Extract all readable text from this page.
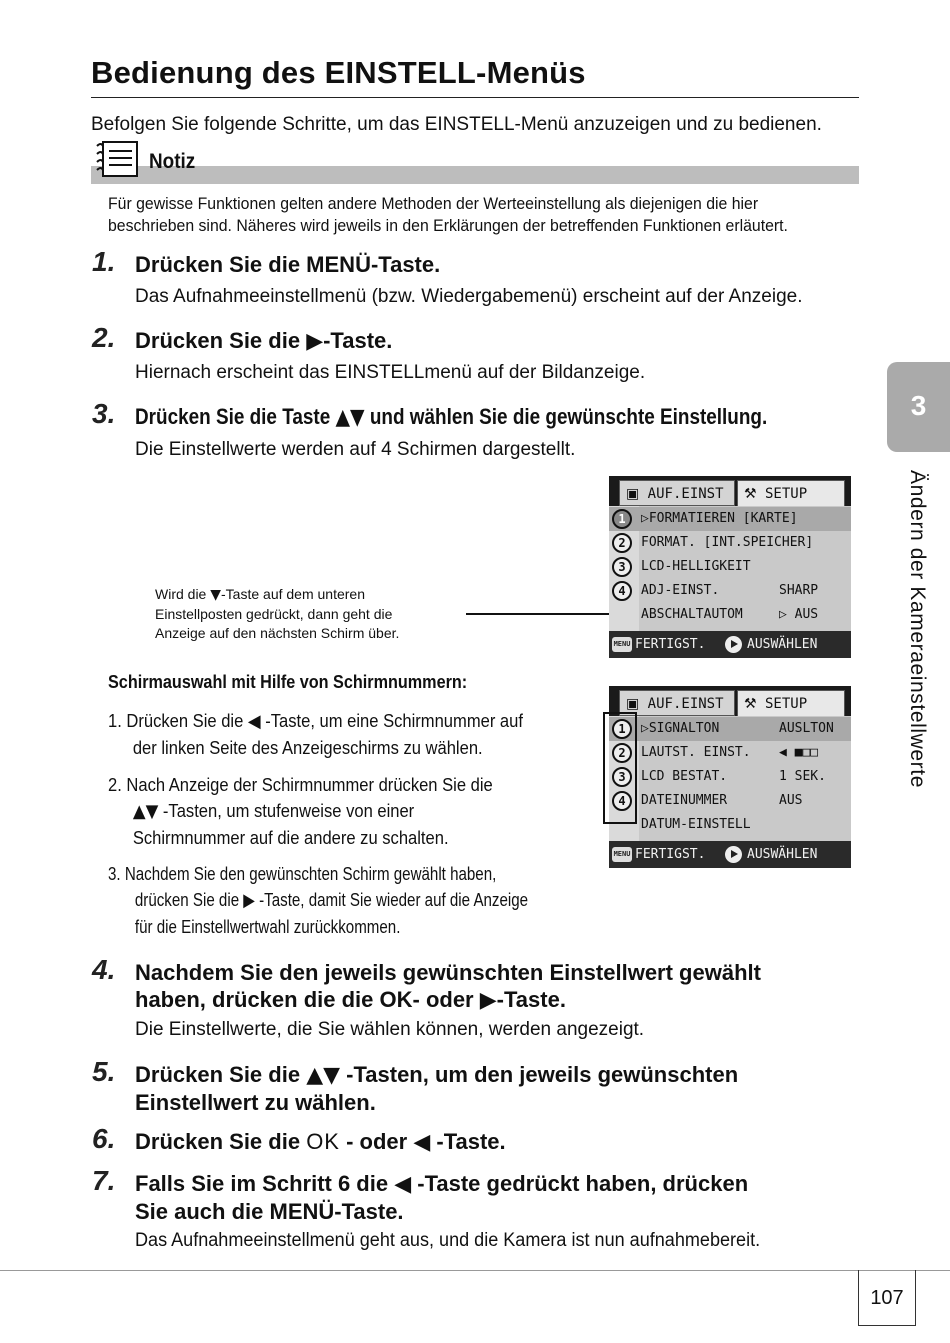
Bedienung des EINSTELL-Menüs
Befolgen Sie folgende Schritte, um das EINSTELL-Menü anzuzeigen und zu bedienen.
Notiz
Für gewisse Funktionen gelten andere Methoden der Werteeinstellung als diejenigen die hier beschrieben sind. Näheres wird jeweils in den Erklärungen der betreffenden Funktionen erläutert.
1. Drücken Sie die MENÜ-Taste.
Das Aufnahmeeinstellmenü (bzw. Wiedergabemenü) erscheint auf der Anzeige.
2. Drücken Sie die ▶-Taste.
Hiernach erscheint das EINSTELLmenü auf der Bildanzeige.
3. Drücken Sie die Taste ▲▼ und wählen Sie die gewünschte Einstellung.
Die Einstellwerte werden auf 4 Schirmen dargestellt.
Wird die ▼-Taste auf dem unteren
Einstellposten gedrückt, dann geht die
Anzeige auf den nächsten Schirm über.
▣ AUF.EINST	⚒ SETUP
1	▷FORMATIEREN [KARTE]
2	FORMAT. [INT.SPEICHER]
3	LCD-HELLIGKEIT
4	ADJ-EINST.	SHARP
ABSCHALTAUTOM	▷ AUS
MENU FERTIGST.	AUSWÄHLEN
Schirmauswahl mit Hilfe von Schirmnummern:
1. Drücken Sie die ◀ -Taste, um eine Schirmnummer auf
der linken Seite des Anzeigeschirms zu wählen.
2. Nach Anzeige der Schirmnummer drücken Sie die
▲▼ -Tasten, um stufenweise von einer
Schirmnummer auf die andere zu schalten.
3. Nachdem Sie den gewünschten Schirm gewählt haben,
drücken Sie die ▶ -Taste, damit Sie wieder auf die Anzeige
für die Einstellwertwahl zurückkommen.
▣ AUF.EINST	⚒ SETUP
1	▷SIGNALTON	AUSLTON
2	LAUTST. EINST. ◀ ■□□
3	LCD BESTAT.	1 SEK.
4	DATEINUMMER	AUS
DATUM-EINSTELL
MENU FERTIGST.	AUSWÄHLEN
4. Nachdem Sie den jeweils gewünschten Einstellwert gewählt
haben, drücken die die OK- oder ▶-Taste.
Die Einstellwerte, die Sie wählen können, werden angezeigt.
5. Drücken Sie die ▲▼ -Tasten, um den jeweils gewünschten
Einstellwert zu wählen.
6. Drücken Sie die OK - oder ◀ -Taste.
7. Falls Sie im Schritt 6 die ◀ -Taste gedrückt haben, drücken
Sie auch die MENÜ-Taste.
Das Aufnahmeeinstellmenü geht aus, und die Kamera ist nun aufnahmebereit.
3
Ändern der Kameraeinstellwerte
107
